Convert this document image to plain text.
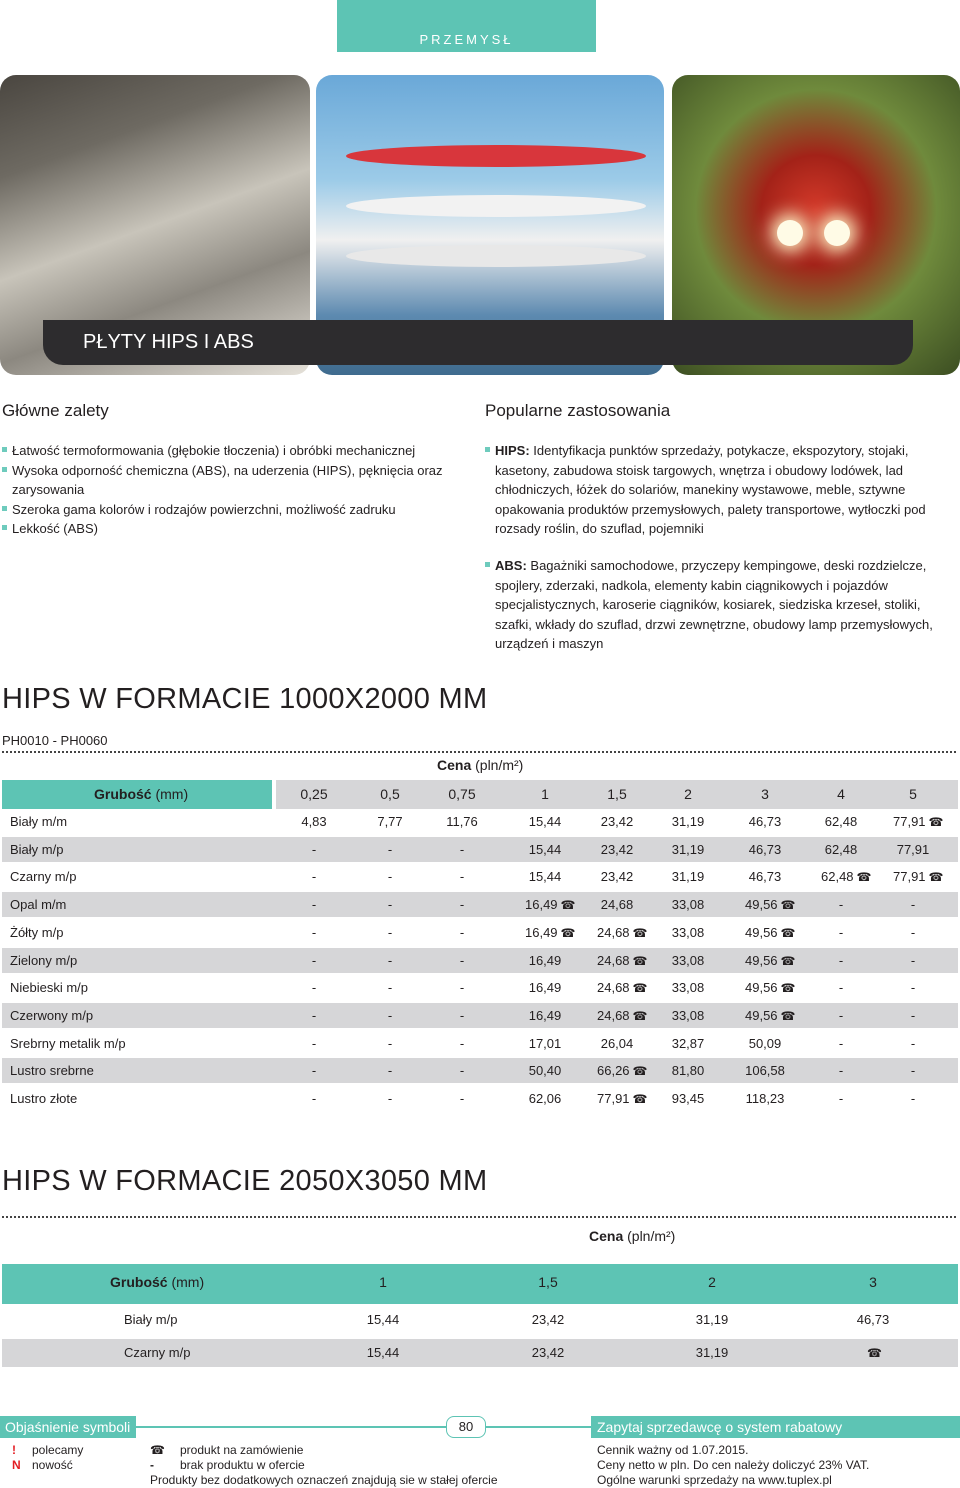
PRZEMYSŁ
PŁYTY HIPS I ABS
Główne zalety
Łatwość termoformowania (głębokie tłoczenia) i obróbki mechanicznej
Wysoka odporność chemiczna (ABS), na uderzenia (HIPS), pęknięcia oraz zarysowania
Szeroka gama kolorów i rodzajów powierzchni, możliwość zadruku
Lekkość (ABS)
Popularne zastosowania
HIPS: Identyfikacja punktów sprzedaży, potykacze, ekspozytory, stojaki, kasetony, zabudowa stoisk targowych, wnętrza i obudowy lodówek, lad chłodniczych, łóżek do solariów, manekiny wystawowe, meble, sztywne opakowania produktów przemysłowych, palety transportowe, wytłoczki pod rozsady roślin, do szuflad, pojemniki
ABS: Bagażniki samochodowe, przyczepy kempingowe, deski rozdzielcze, spojlery, zderzaki, nadkola, elementy kabin ciągnikowych i pojazdów specjalistycznych, karoserie ciągników, kosiarek, siedziska krzeseł, stoliki, szafki, wkłady do szuflad, drzwi zewnętrzne, obudowy lamp przemysłowych, urządzeń i maszyn
HIPS W FORMACIE 1000X2000 MM
PH0010 - PH0060
Cena (pln/m²)
Grubość (mm)	0,25	0,5	0,75	1	1,5	2	3	4	5
Biały m/m	4,83	7,77	11,76	15,44	23,42	31,19	46,73	62,48	77,91 ☎
Biały m/p	-	-	-	15,44	23,42	31,19	46,73	62,48	77,91
Czarny m/p	-	-	-	15,44	23,42	31,19	46,73	62,48 ☎	77,91 ☎
Opal m/m	-	-	-	16,49 ☎	24,68	33,08	49,56 ☎	-	-
Żółty m/p	-	-	-	16,49 ☎	24,68 ☎	33,08	49,56 ☎	-	-
Zielony m/p	-	-	-	16,49	24,68 ☎	33,08	49,56 ☎	-	-
Niebieski m/p	-	-	-	16,49	24,68 ☎	33,08	49,56 ☎	-	-
Czerwony m/p	-	-	-	16,49	24,68 ☎	33,08	49,56 ☎	-	-
Srebrny metalik m/p	-	-	-	17,01	26,04	32,87	50,09	-	-
Lustro srebrne	-	-	-	50,40	66,26 ☎	81,80	106,58	-	-
Lustro złote	-	-	-	62,06	77,91 ☎	93,45	118,23	-	-
HIPS W FORMACIE 2050X3050 MM
Cena (pln/m²)
Grubość (mm)	1	1,5	2	3
Biały m/p	15,44	23,42	31,19	46,73
Czarny m/p	15,44	23,42	31,19	☎
Objaśnienie symboli	80	Zapytaj sprzedawcę o system rabatowy
! polecamy
N nowość
☎ produkt na zamówienie
- brak produktu w ofercie
Produkty bez dodatkowych oznaczeń znajdują sie w stałej ofercie
Cennik ważny od 1.07.2015.
Ceny netto w pln. Do cen należy doliczyć 23% VAT.
Ogólne warunki sprzedaży na www.tuplex.pl
